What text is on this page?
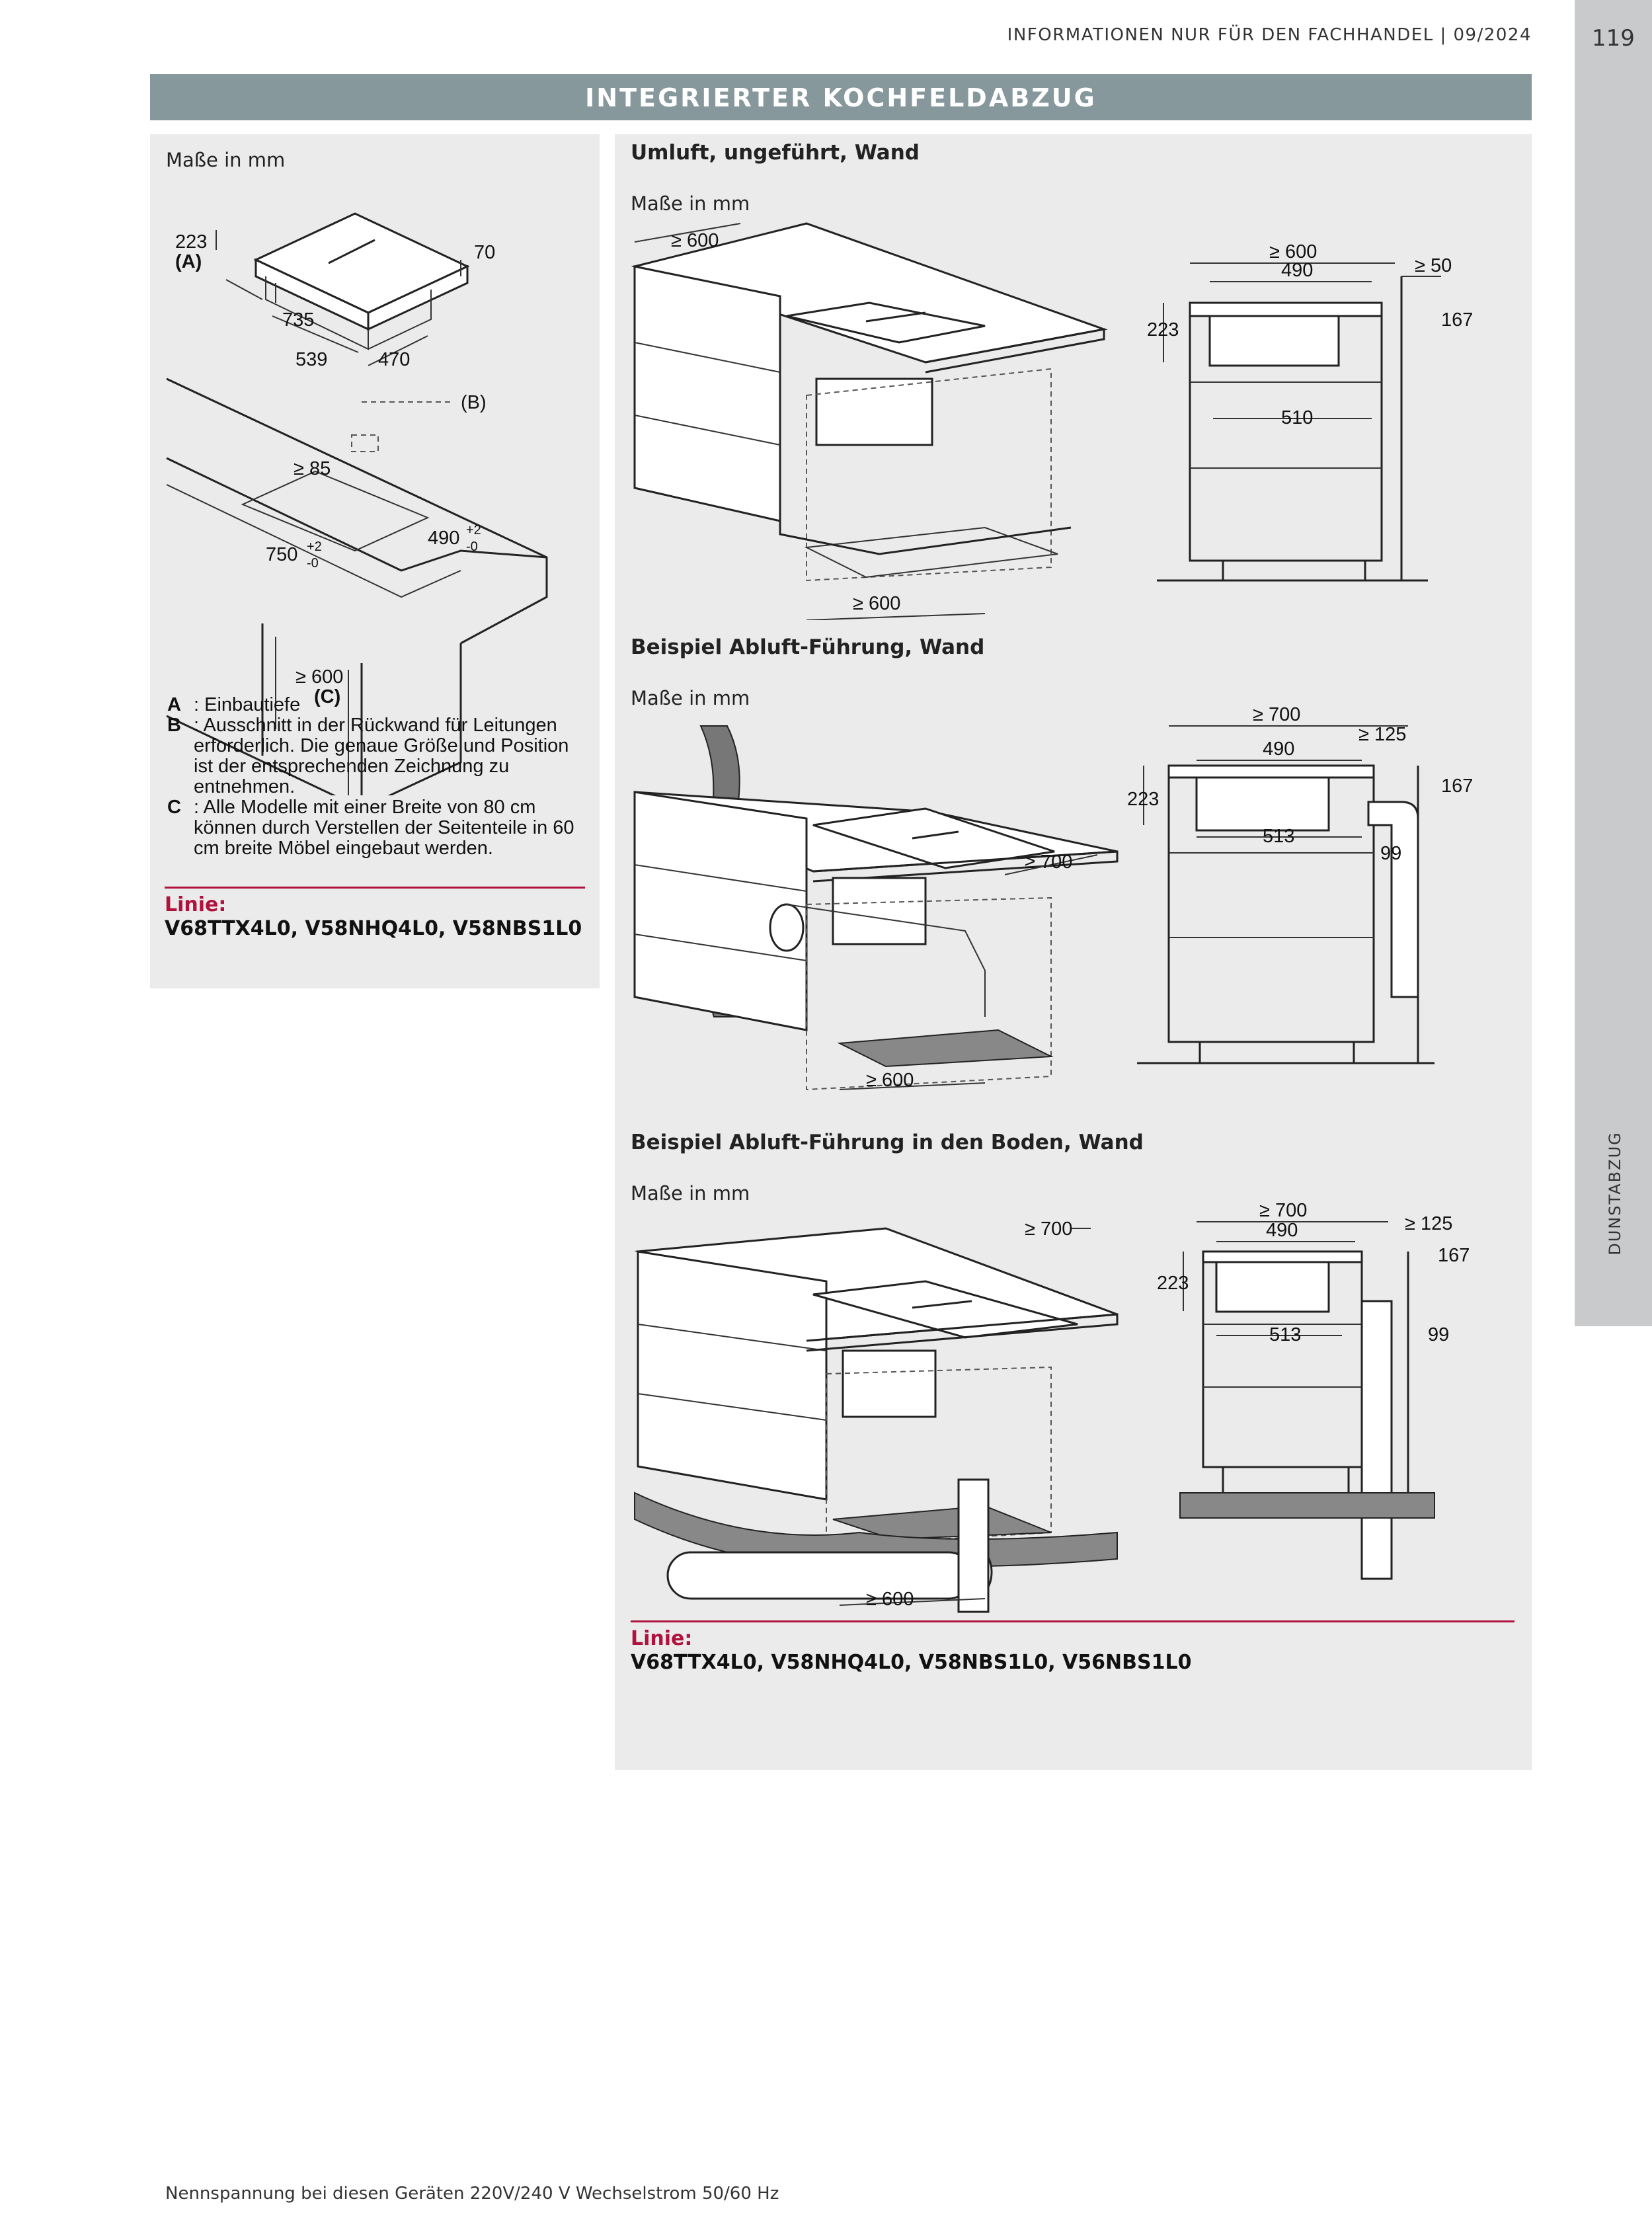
119
DUNSTABZUG
INFORMATIONEN NUR FÜR DEN FACHHANDEL | 09/2024
INTEGRIERTER KOCHFELDABZUG
Maße in mm
223
(A)	70
735
539	470
(B)
≥ 85
750 +2
-0
490 +2
-0
≥ 600
(C)
A : Einbautiefe
B : Ausschnitt in der Rückwand für Leitungen erforderlich. Die genaue Größe und Position ist der entsprechenden Zeichnung zu entnehmen.
C : Alle Modelle mit einer Breite von 80 cm können durch Verstellen der Seitenteile in 60 cm breite Möbel eingebaut werden.
Linie:
V68TTX4L0, V58NHQ4L0, V58NBS1L0
Umluft, ungeführt, Wand
Maße in mm
≥ 600
≥ 600
≥ 600
490	≥ 50
223	167
510
Beispiel Abluft-Führung, Wand
Maße in mm
≥ 700
≥ 600
≥ 700
490
≥ 125
223
167
513
99
Beispiel Abluft-Führung in den Boden, Wand
Maße in mm
≥ 700
≥ 600
≥ 700
490	≥ 125
223
167
513	99
Linie:
V68TTX4L0, V58NHQ4L0, V58NBS1L0, V56NBS1L0
Nennspannung bei diesen Geräten 220V/240 V Wechselstrom 50/60 Hz
